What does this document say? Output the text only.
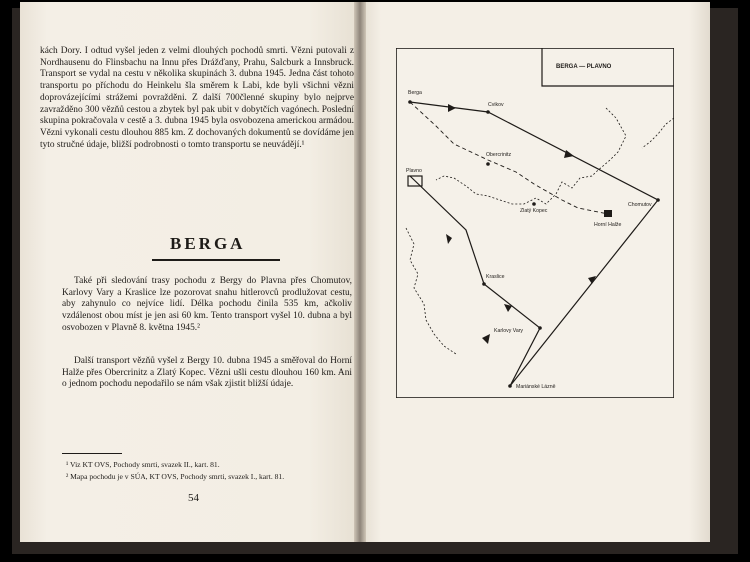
kách Dory. I odtud vyšel jeden z velmi dlouhých pochodů smrti. Vězni putovali z Nordhausenu do Flinsbachu na Innu přes Drážďany, Prahu, Salcburk a Innsbruck. Transport se vydal na cestu v několika skupinách 3. dubna 1945. Jedna část tohoto transportu po příchodu do Heinkelu šla směrem k Labi, kde byli všichni vězni doprovázejícími strážemi povražděni. Z další 700členné skupiny bylo nejprve zavražděno 300 vězňů cestou a zbytek byl pak ubit v dobytčích vagónech. Poslední skupina pokračovala v cestě a 3. dubna 1945 byla osvobozena americkou armádou. Vězni vykonali cestu dlouhou 885 km. Z dochovaných dokumentů se dovídáme jen tyto stručné údaje, bližší podrobnosti o tomto transportu se neuvádějí.¹
BERGA
Také při sledování trasy pochodu z Bergy do Plavna přes Chomutov, Karlovy Vary a Kraslice lze pozorovat snahu hitlerovců prodlužovat cestu, aby zahynulo co nejvíce lidí. Délka pochodu činila 535 km, ačkoliv vzdálenost obou míst je jen asi 60 km. Tento transport vyšel 10. dubna a byl osvobozen v Plavně 8. května 1945.²
Další transport vězňů vyšel z Bergy 10. dubna 1945 a směřoval do Horní Halže přes Obercrinitz a Zlatý Kopec. Vězni ušli cestu dlouhou 160 km. Ani o jednom pochodu nepodařilo se nám však zjistit bližší údaje.
¹ Viz KT OVS, Pochody smrti, svazek II., kart. 81.
² Mapa pochodu je v SÚA, KT OVS, Pochody smrti, svazek I., kart. 81.
54
BERGA — PLAVNO
Berga
Cvikov
Obercrinitz
Plavno
Chomutov
Zlatý Kopec
Horní Halže
Kraslice
Karlovy Vary
Mariánské Lázně
